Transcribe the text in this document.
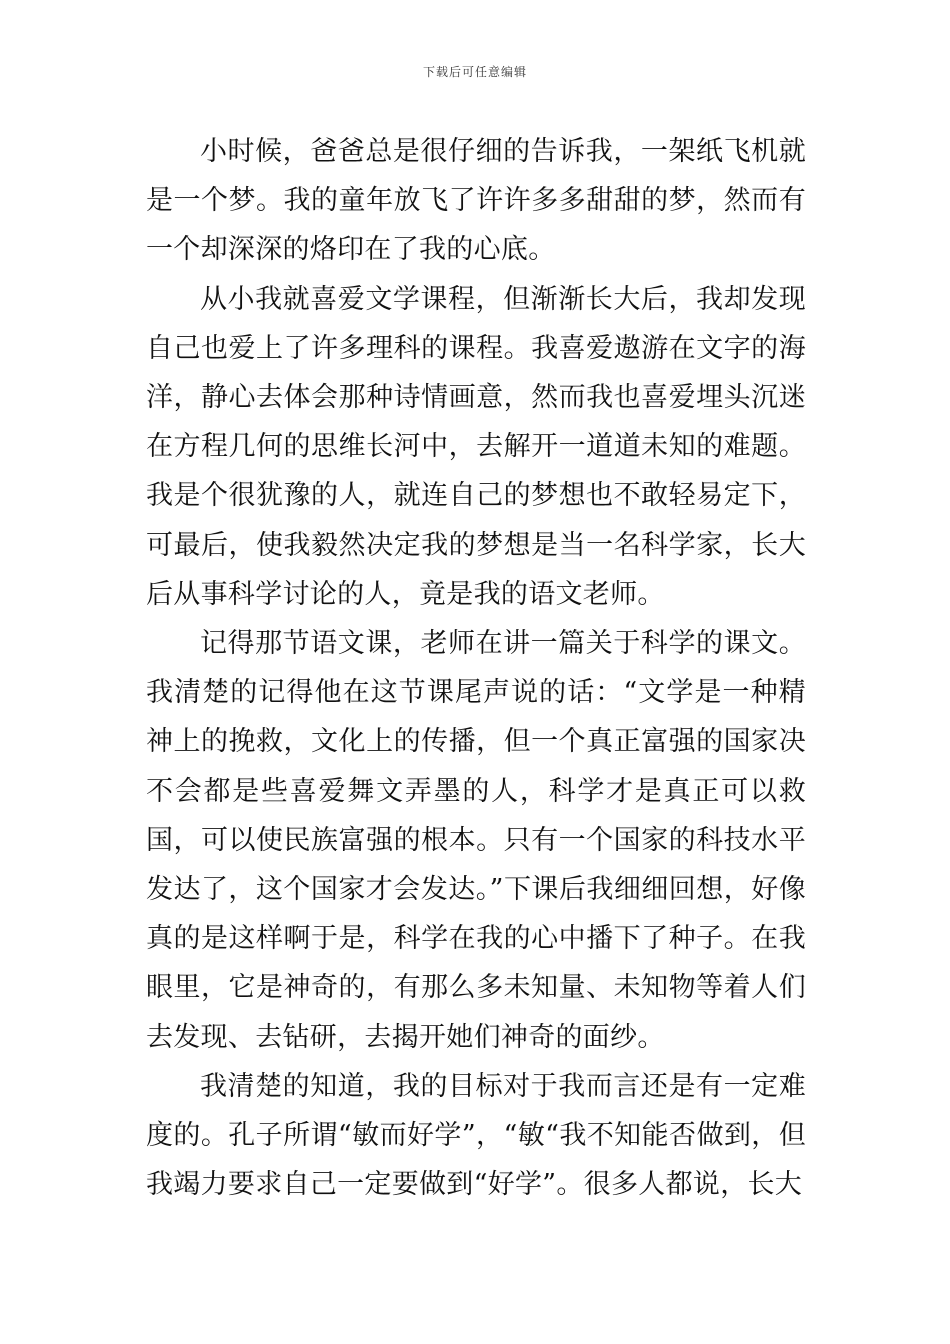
下载后可任意编辑

小时候，爸爸总是很仔细的告诉我，一架纸飞机就是一个梦。我的童年放飞了许许多多甜甜的梦，然而有一个却深深的烙印在了我的心底。

从小我就喜爱文学课程，但渐渐长大后，我却发现自己也爱上了许多理科的课程。我喜爱遨游在文字的海洋，静心去体会那种诗情画意，然而我也喜爱埋头沉迷在方程几何的思维长河中，去解开一道道未知的难题。我是个很犹豫的人，就连自己的梦想也不敢轻易定下，可最后，使我毅然决定我的梦想是当一名科学家，长大后从事科学讨论的人，竟是我的语文老师。

记得那节语文课，老师在讲一篇关于科学的课文。我清楚的记得他在这节课尾声说的话：“文学是一种精神上的挽救，文化上的传播，但一个真正富强的国家决不会都是些喜爱舞文弄墨的人，科学才是真正可以救国，可以使民族富强的根本。只有一个国家的科技水平发达了，这个国家才会发达。”下课后我细细回想，好像真的是这样啊于是，科学在我的心中播下了种子。在我眼里，它是神奇的，有那么多未知量、未知物等着人们去发现、去钻研，去揭开她们神奇的面纱。

我清楚的知道，我的目标对于我而言还是有一定难度的。孔子所谓“敏而好学”，“敏“我不知能否做到，但我竭力要求自己一定要做到“好学”。很多人都说，长大
